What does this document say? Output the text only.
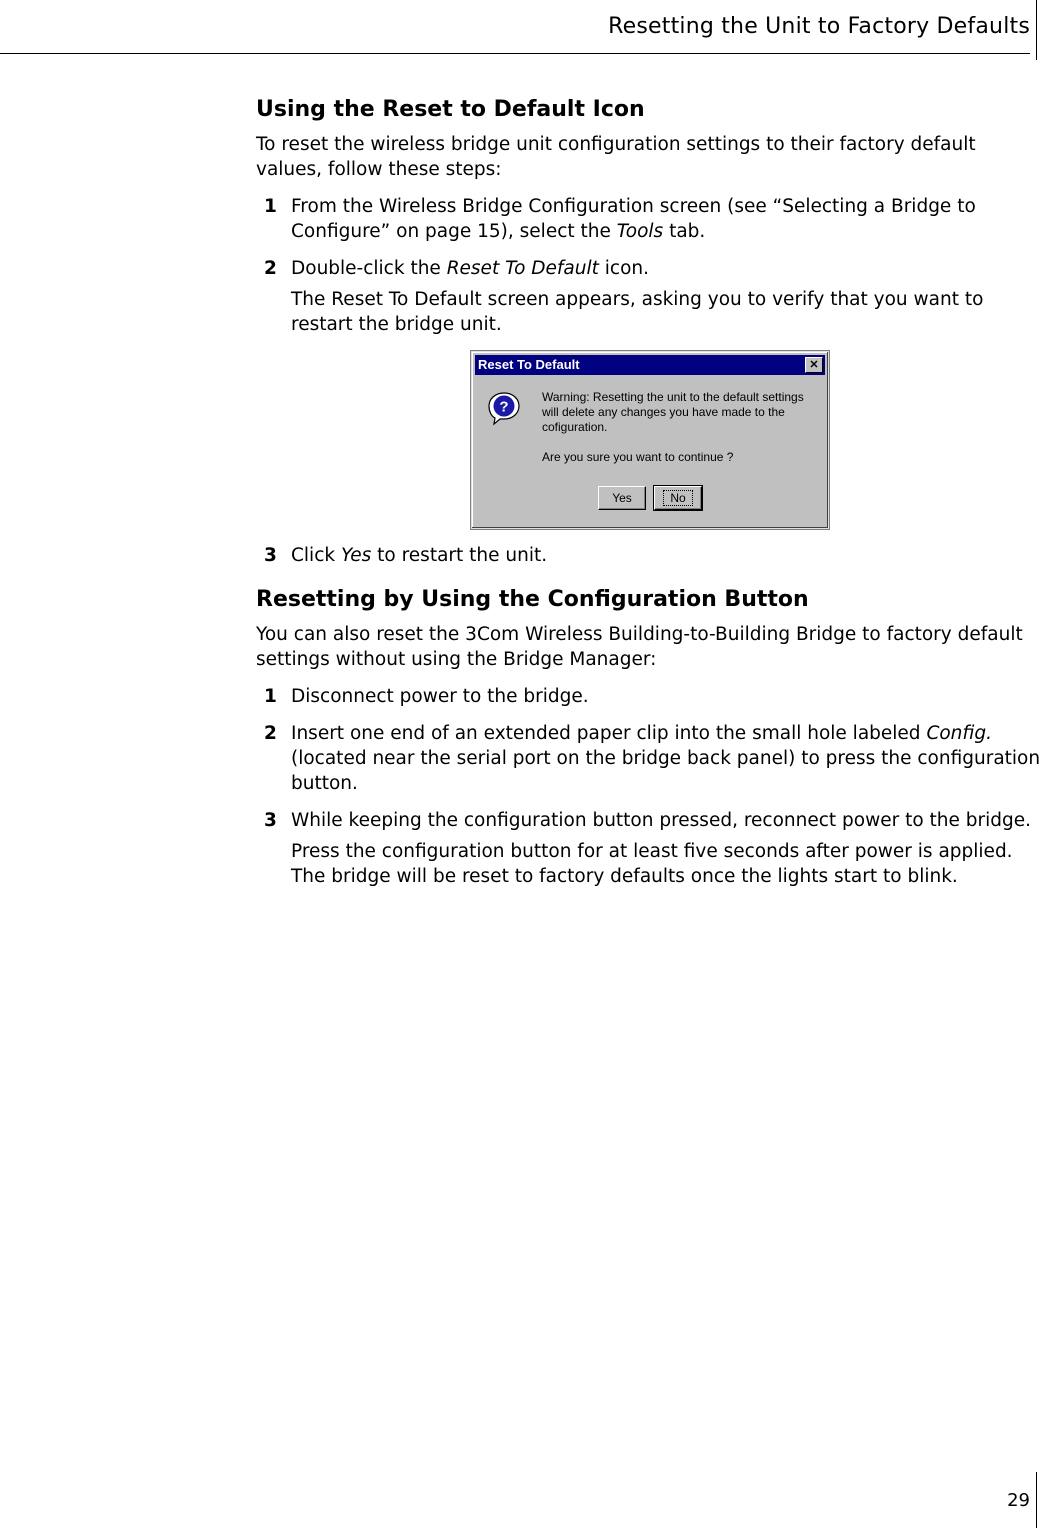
Resetting the Unit to Factory Defaults
Using the Reset to Default Icon

To reset the wireless bridge unit configuration settings to their factory default values, follow these steps:

1 From the Wireless Bridge Configuration screen (see “Selecting a Bridge to Configure” on page 15), select the Tools tab.
2 Double-click the Reset To Default icon.

The Reset To Default screen appears, asking you to verify that you want to restart the bridge unit.

Reset To Default	✕
?
Warning: Resetting the unit to the default settings will delete any changes you have made to the cofiguration.
Are you sure you want to continue ?
Yes	No
3 Click Yes to restart the unit.
Resetting by Using the Configuration Button

You can also reset the 3Com Wireless Building-to-Building Bridge to factory default settings without using the Bridge Manager:

1 Disconnect power to the bridge.
2 Insert one end of an extended paper clip into the small hole labeled Config. (located near the serial port on the bridge back panel) to press the configuration button.
3 While keeping the configuration button pressed, reconnect power to the bridge.

Press the configuration button for at least five seconds after power is applied. The bridge will be reset to factory defaults once the lights start to blink.

29
